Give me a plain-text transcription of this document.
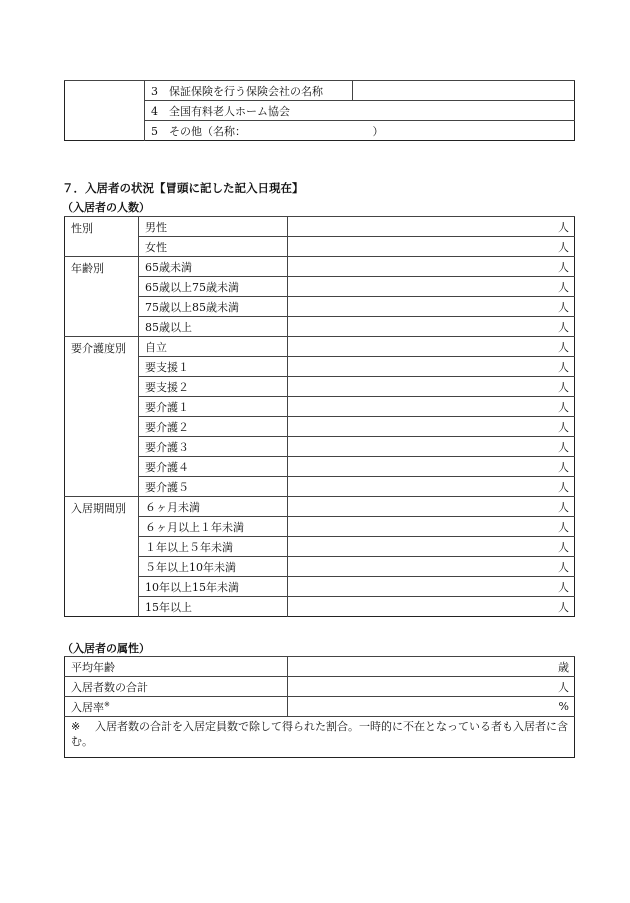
	3 保証保険を行う保険会社の名称	
4 全国有料老人ホーム協会
5 その他（名称：　　　　　　　　　　　　）
７．入居者の状況【冒頭に記した記入日現在】
（入居者の人数）
性別	男性	人
	女性	人
年齢別	65歳未満	人
	65歳以上75歳未満	人
	75歳以上85歳未満	人
	85歳以上	人
要介護度別	自立	人
	要支援１	人
	要支援２	人
	要介護１	人
	要介護２	人
	要介護３	人
	要介護４	人
	要介護５	人
入居期間別	６ヶ月未満	人
	６ヶ月以上１年未満	人
	１年以上５年未満	人
	５年以上10年未満	人
	10年以上15年未満	人
	15年以上	人
（入居者の属性）
平均年齢	歳
入居者数の合計	人
入居率※	%
※ 入居者数の合計を入居定員数で除して得られた割合。一時的に不在となっている者も入居者に含む。	
